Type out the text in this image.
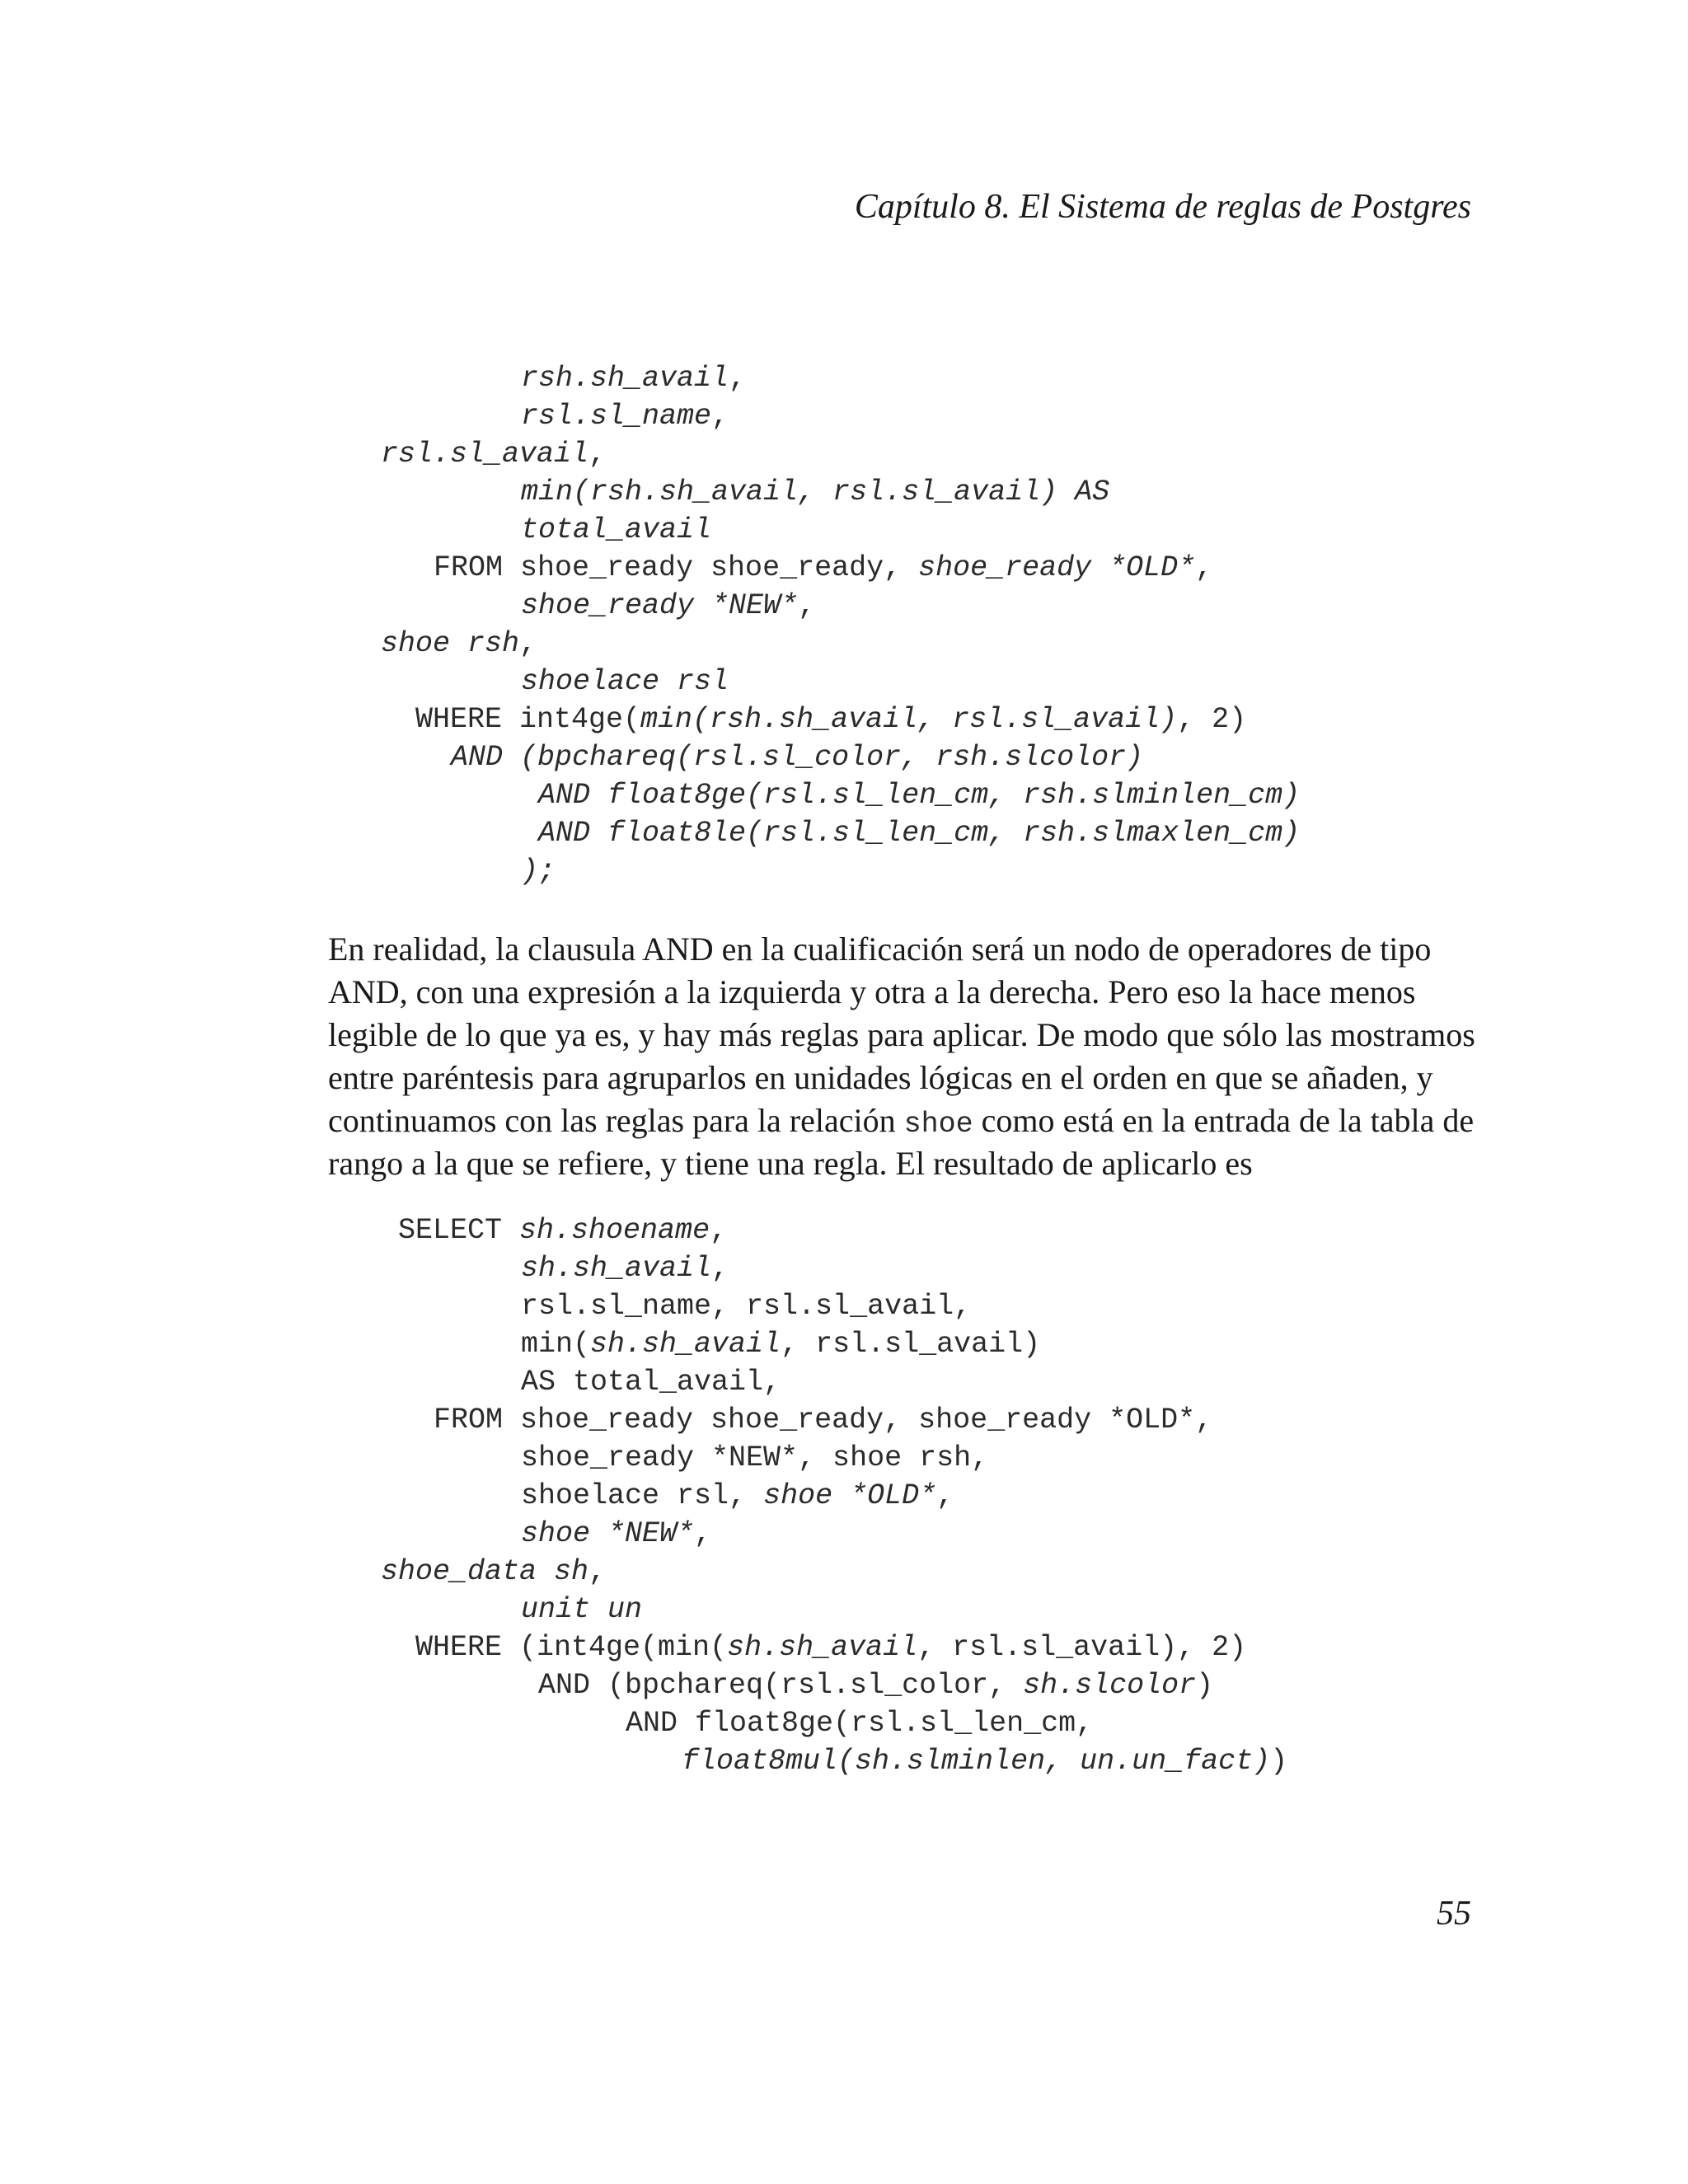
Capítulo 8. El Sistema de reglas de Postgres
rsh.sh_avail,
rsl.sl_name,
rsl.sl_avail,
min(rsh.sh_avail, rsl.sl_avail) AS
total_avail
FROM shoe_ready shoe_ready, shoe_ready *OLD*,
shoe_ready *NEW*,
shoe rsh,
shoelace rsl
WHERE int4ge(min(rsh.sh_avail, rsl.sl_avail), 2)
AND (bpchareq(rsl.sl_color, rsh.slcolor)
AND float8ge(rsl.sl_len_cm, rsh.slminlen_cm)
AND float8le(rsl.sl_len_cm, rsh.slmaxlen_cm)
);
En realidad, la clausula AND en la cualificación será un nodo de operadores de tipo
AND, con una expresión a la izquierda y otra a la derecha. Pero eso la hace menos
legible de lo que ya es, y hay más reglas para aplicar. De modo que sólo las mostramos
entre paréntesis para agruparlos en unidades lógicas en el orden en que se añaden, y
continuamos con las reglas para la relación shoe como está en la entrada de la tabla de
rango a la que se refiere, y tiene una regla. El resultado de aplicarlo es
SELECT sh.shoename,
sh.sh_avail,
rsl.sl_name, rsl.sl_avail,
min(sh.sh_avail, rsl.sl_avail)
AS total_avail,
FROM shoe_ready shoe_ready, shoe_ready *OLD*,
shoe_ready *NEW*, shoe rsh,
shoelace rsl, shoe *OLD*,
shoe *NEW*,
shoe_data sh,
unit un
WHERE (int4ge(min(sh.sh_avail, rsl.sl_avail), 2)
AND (bpchareq(rsl.sl_color, sh.slcolor)
AND float8ge(rsl.sl_len_cm,
float8mul(sh.slminlen, un.un_fact))
55
